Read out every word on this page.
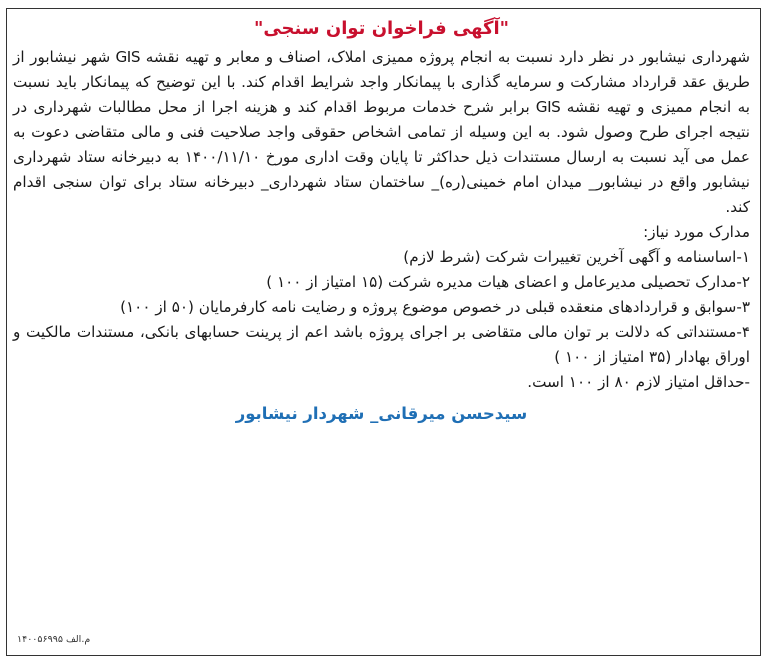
"آگهی فراخوان توان سنجی"

شهرداری نیشابور در نظر دارد نسبت به انجام پروژه ممیزی املاک، اصناف و معابر و تهیه نقشه GIS شهر نیشابور از طریق عقد قرارداد مشارکت و سرمایه گذاری با پیمانکار واجد شرایط اقدام کند. با این توضیح که پیمانکار باید نسبت به انجام ممیزی و تهیه نقشه GIS برابر شرح خدمات مربوط اقدام کند و هزینه اجرا از محل مطالبات شهرداری در نتیجه اجرای طرح وصول شود. به این وسیله از تمامی اشخاص حقوقی واجد صلاحیت فنی و مالی متقاضی دعوت به عمل می آید نسبت به ارسال مستندات ذیل حداکثر تا پایان وقت اداری مورخ ۱۴۰۰/۱۱/۱۰ به دبیرخانه ستاد شهرداری نیشابور واقع در نیشابور_ میدان امام خمینی(ره)_ ساختمان ستاد شهرداری_ دبیرخانه ستاد برای توان سنجی اقدام کند.

مدارک مورد نیاز:

۱-اساسنامه و آگهی آخرین تغییرات شرکت (شرط لازم)
۲-مدارک تحصیلی مدیرعامل و اعضای هیات مدیره شرکت (۱۵ امتیاز از ۱۰۰ )
۳-سوابق و قراردادهای منعقده قبلی در خصوص موضوع پروژه و رضایت نامه کارفرمایان (۵۰ از ۱۰۰)
۴-مستنداتی که دلالت بر توان مالی متقاضی بر اجرای پروژه باشد اعم از پرینت حسابهای بانکی، مستندات مالکیت و اوراق بهادار (۳۵ امتیاز از ۱۰۰ )

-حداقل امتیاز لازم ۸۰ از ۱۰۰ است.

سیدحسن میرقانی_ شهردار نیشابور
م.الف ۱۴۰۰۵۶۹۹۵
